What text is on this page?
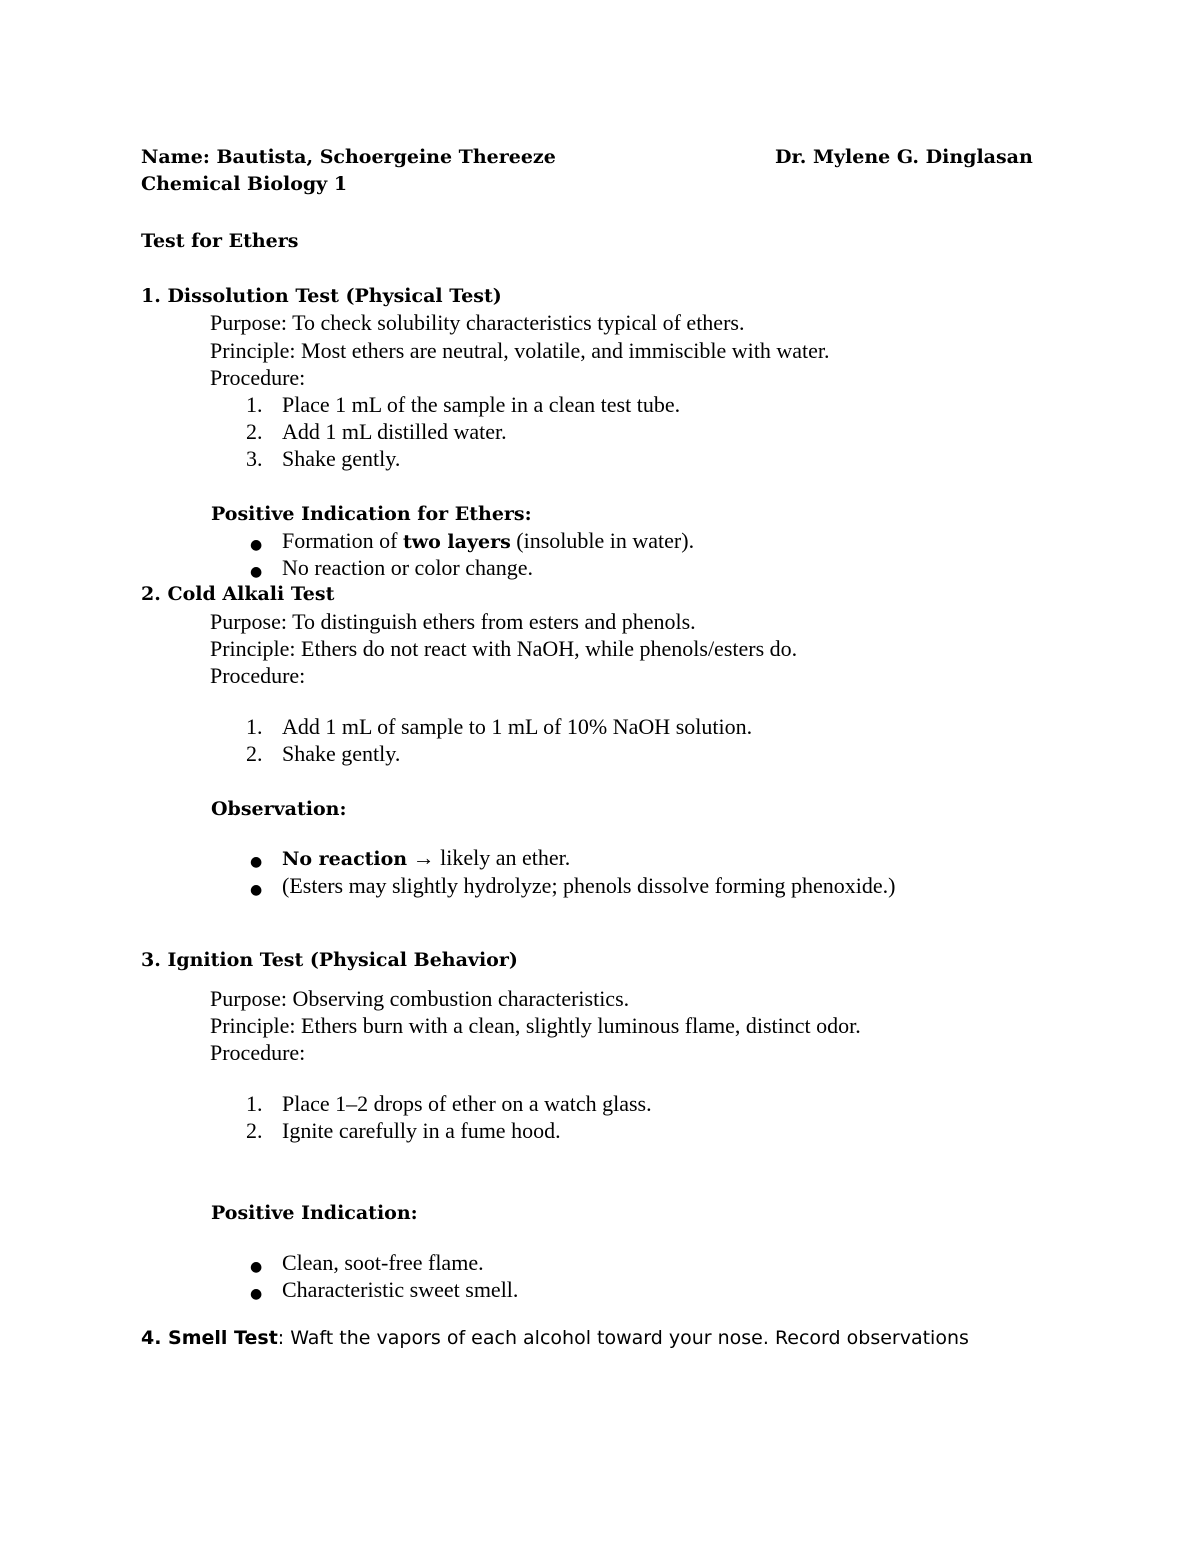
Name: Bautista, Schoergeine Thereeze	Dr. Mylene G. Dinglasan
Chemical Biology 1
Test for Ethers
1. Dissolution Test (Physical Test)
Purpose: To check solubility characteristics typical of ethers.
Principle: Most ethers are neutral, volatile, and immiscible with water.
Procedure:
1. Place 1 mL of the sample in a clean test tube.
2. Add 1 mL distilled water.
3. Shake gently.
Positive Indication for Ethers:
● Formation of two layers (insoluble in water).
● No reaction or color change.
2. Cold Alkali Test
Purpose: To distinguish ethers from esters and phenols.
Principle: Ethers do not react with NaOH, while phenols/esters do.
Procedure:
1. Add 1 mL of sample to 1 mL of 10% NaOH solution.
2. Shake gently.
Observation:
● No reaction → likely an ether.
● (Esters may slightly hydrolyze; phenols dissolve forming phenoxide.)
3. Ignition Test (Physical Behavior)
Purpose: Observing combustion characteristics.
Principle: Ethers burn with a clean, slightly luminous flame, distinct odor.
Procedure:
1. Place 1–2 drops of ether on a watch glass.
2. Ignite carefully in a fume hood.
Positive Indication:
● Clean, soot-free flame.
● Characteristic sweet smell.
4. Smell Test: Waft the vapors of each alcohol toward your nose. Record observations
